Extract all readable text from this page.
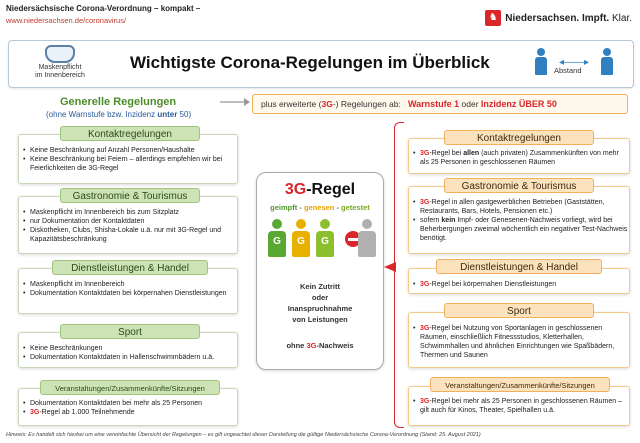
Niedersächsische Corona-Verordnung – kompakt –
www.niedersachsen.de/coronavirus/	♞ Niedersachsen. Impft. Klar.
Maskenpflicht
im Innenbereich
Wichtigste Corona-Regelungen im Überblick	◂——▸
Abstand
Generelle Regelungen
(ohne Warnstufe bzw. Inzidenz unter 50)
Kontaktregelungen
• Keine Beschränkung auf Anzahl Personen/Haushalte
• Keine Beschränkung bei Feiern – allerdings empfehlen wir bei Feierlichkeiten die 3G-Regel
Gastronomie & Tourismus
• Maskenpflicht im Innenbereich bis zum Sitzplatz
• nur Dokumentation der Kontaktdaten
• Diskotheken, Clubs, Shisha-Lokale u.ä. nur mit 3G-Regel und Kapazitätsbeschränkung
Dienstleistungen & Handel
• Maskenpflicht im Innenbereich
• Dokumentation Kontaktdaten bei körpernahen Dienstleistungen
Sport
• Keine Beschränkungen
• Dokumentation Kontaktdaten in Hallenschwimmbädern u.ä.
Veranstaltungen/Zusammenkünfte/Sitzungen
• Dokumentation Kontaktdaten bei mehr als 25 Personen
• 3G-Regel ab 1.000 Teilnehmende
plus erweiterte (3G-) Regelungen ab: Warnstufe 1 oder Inzidenz ÜBER 50
3G-Regel
geimpft - genesen - getestet
G	G	G
Kein Zutritt
oder
Inanspruchnahme
von Leistungen
ohne 3G-Nachweis
Kontaktregelungen
• 3G-Regel bei allen (auch privaten) Zusammenkünften von mehr als 25 Personen in geschlossenen Räumen
Gastronomie & Tourismus
• 3G-Regel in allen gastgewerblichen Betrieben (Gaststätten, Restaurants, Bars, Hotels, Pensionen etc.)
• sofern kein Impf- oder Genesenen-Nachweis vorliegt, wird bei Beherbergungen zweimal wöchentlich ein negativer Test-Nachweis benötigt.
Dienstleistungen & Handel
• 3G-Regel bei körpernahen Dienstleistungen
Sport
• 3G-Regel bei Nutzung von Sportanlagen in geschlossenen Räumen, einschließlich Fitnessstudios, Kletterhallen, Schwimmhallen und ähnlichen Einrichtungen wie Spaßbädern, Thermen und Saunen
Veranstaltungen/Zusammenkünfte/Sitzungen
• 3G-Regel bei mehr als 25 Personen in geschlossenen Räumen – gilt auch für Kinos, Theater, Spielhallen u.ä.
Hinweis: Es handelt sich hierbei um eine vereinfachte Übersicht der Regelungen – es gilt ungeachtet dieser Darstellung die gültige Niedersächsische Corona-Verordnung (Stand: 25. August 2021)
